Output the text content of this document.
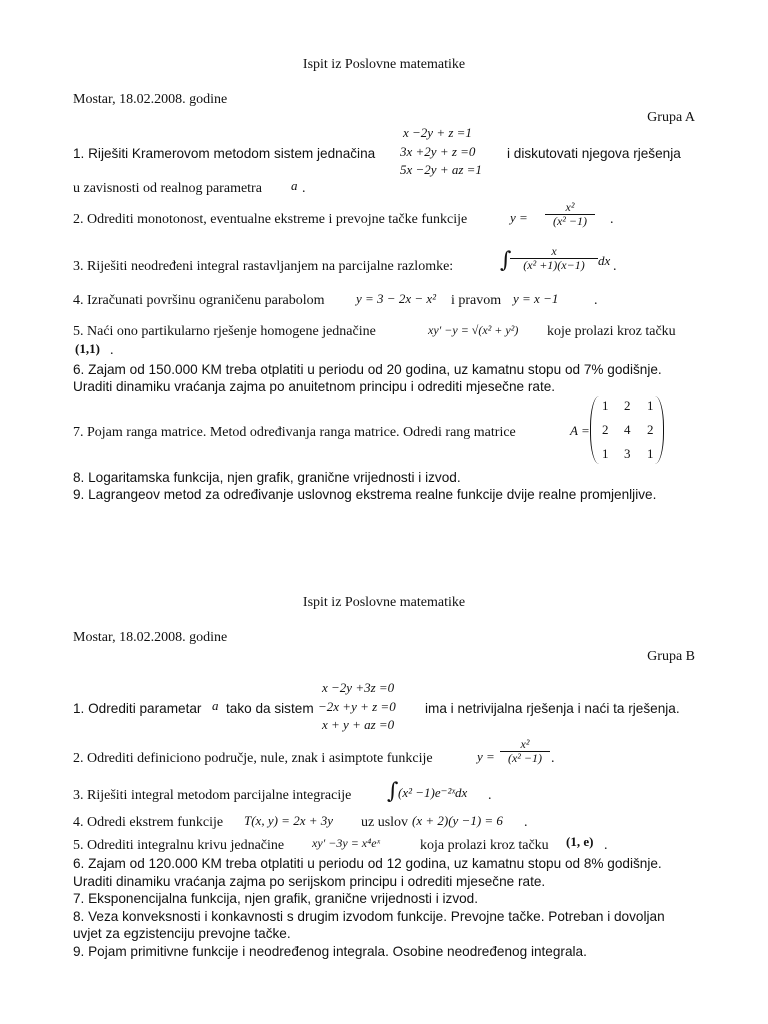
Ispit iz Poslovne matematike
Mostar, 18.02.2008. godine
Grupa A
x −2y + z =1
1. Riješiti Kramerovom metodom sistem jednačina 3x +2y + z =0 i diskutovati njegova rješenja
5x −2y + az =1
u zavisnosti od realnog parametra a .
2. Odrediti monotonost, eventualne ekstreme i prevojne tačke funkcije	$y = \frac{\text{x²}}{\text{(x² −1)}}$ .
3. Riješiti neodređeni integral rastavljanjem na parcijalne razlomke: ∫
$\frac{x}{\text{(x² +1)(x−1)}}$ dx .
4. Izračunati površinu ograničenu parabolom y = 3 − 2x − x² i pravom y = x −1	.
5. Naći ono partikularno rješenje homogene jednačine	xy′ −y = √(x² + y²) koje prolazi kroz tačku
(1,1) .
6. Zajam od 150.000 KM treba otplatiti u periodu od 20 godina, uz kamatnu stopu od 7% godišnje.
Uraditi dinamiku vraćanja zajma po anuitetnom principu i odrediti mjesečne rate.
7. Pojam ranga matrice. Metod određivanja ranga matrice. Odredi rang matrice	A =
1 2 1
2 4 2
1 3 1
8. Logaritamska funkcija, njen grafik, granične vrijednosti i izvod.
9. Lagrangeov metod za određivanje uslovnog ekstrema realne funkcije dvije realne promjenljive.
Ispit iz Poslovne matematike
Mostar, 18.02.2008. godine
Grupa B
x −2y +3z =0
1. Odrediti parametar a tako da sistem −2x +y + z =0 ima i netrivijalna rješenja i naći ta rješenja.
x + y + az =0
2. Odrediti definiciono područje, nule, znak i asimptote funkcije	$y = \frac{\text{x²}}{\text{(x² −1)}}$ .
3. Riješiti integral metodom parcijalne integracije ∫ (x² −1)e⁻²ˣdx .
4. Odredi ekstrem funkcije T(x, y) = 2x + 3y uz uslov (x + 2)(y −1) = 6 .
5. Odrediti integralnu krivu jednačine xy′ −3y = x⁴eˣ	koja prolazi kroz tačku (1, e) .
6. Zajam od 120.000 KM treba otplatiti u periodu od 12 godina, uz kamatnu stopu od 8% godišnje.
Uraditi dinamiku vraćanja zajma po serijskom principu i odrediti mjesečne rate.
7. Eksponencijalna funkcija, njen grafik, granične vrijednosti i izvod.
8. Veza konveksnosti i konkavnosti s drugim izvodom funkcije. Prevojne tačke. Potreban i dovoljan
uvjet za egzistenciju prevojne tačke.
9. Pojam primitivne funkcije i neodređenog integrala. Osobine neodređenog integrala.
